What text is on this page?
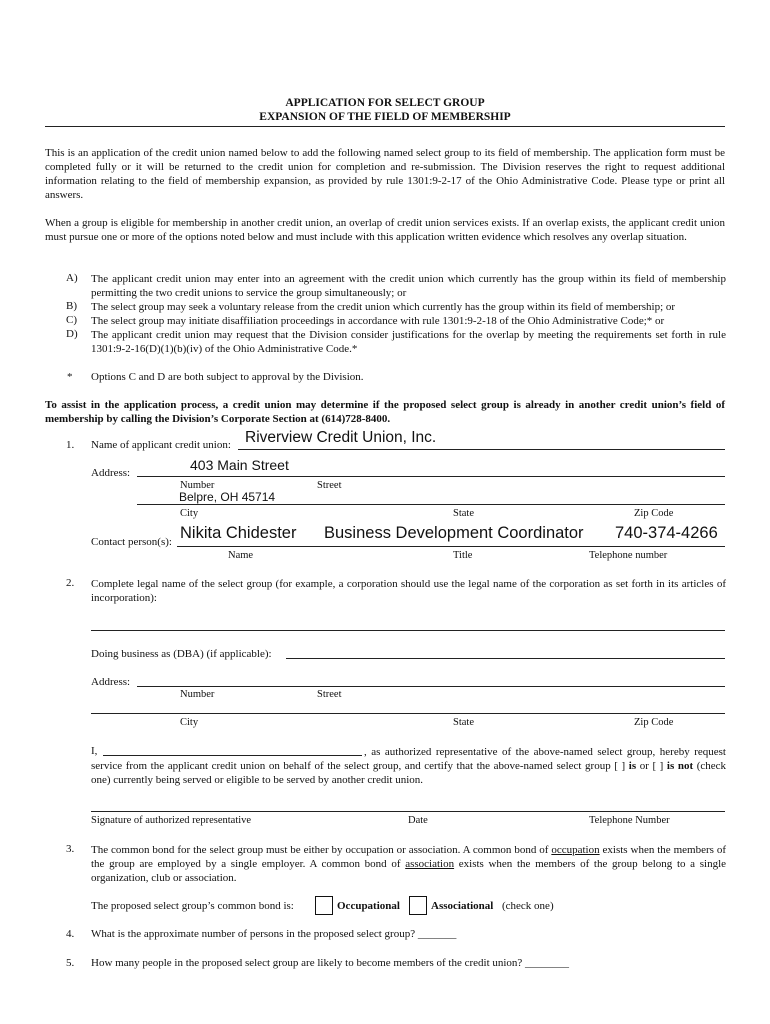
APPLICATION FOR SELECT GROUP
EXPANSION OF THE FIELD OF MEMBERSHIP
This is an application of the credit union named below to add the following named select group to its field of membership. The application form must be completed fully or it will be returned to the credit union for completion and re-submission. The Division reserves the right to request additional information relating to the field of membership expansion, as provided by rule 1301:9-2-17 of the Ohio Administrative Code. Please type or print all answers.
When a group is eligible for membership in another credit union, an overlap of credit union services exists. If an overlap exists, the applicant credit union must pursue one or more of the options noted below and must include with this application written evidence which resolves any overlap situation.
A)	The applicant credit union may enter into an agreement with the credit union which currently has the group within its field of membership permitting the two credit unions to service the group simultaneously; or
B)	The select group may seek a voluntary release from the credit union which currently has the group within its field of membership; or
C)	The select group may initiate disaffiliation proceedings in accordance with rule 1301:9-2-18 of the Ohio Administrative Code;* or
D)	The applicant credit union may request that the Division consider justifications for the overlap by meeting the requirements set forth in rule 1301:9-2-16(D)(1)(b)(iv) of the Ohio Administrative Code.*
* Options C and D are both subject to approval by the Division.
To assist in the application process, a credit union may determine if the proposed select group is already in another credit union’s field of membership by calling the Division’s Corporate Section at (614)728-8400.
1. Name of applicant credit union: Riverview Credit Union, Inc.
Address:	403 Main Street
Number	Street
Belpre, OH 45714
City	State	Zip Code
Contact person(s): Nikita Chidester Business Development Coordinator 740-374-4266
Name	Title	Telephone number
2. Complete legal name of the select group (for example, a corporation should use the legal name of the corporation as set forth in its articles of incorporation):
Doing business as (DBA) (if applicable):
Address:
Number	Street
City	State	Zip Code
I,	, as authorized representative of the above-named select group, hereby request service from the applicant credit union on behalf of the select group, and certify that the above-named select group [ ] is or [ ] is not (check one) currently being served or eligible to be served by another credit union.
Signature of authorized representative	Date	Telephone Number
3. The common bond for the select group must be either by occupation or association. A common bond of occupation exists when the members of the group are employed by a single employer. A common bond of association exists when the members of the group belong to a single organization, club or association.
The proposed select group’s common bond is:	Occupational	Associational (check one)
4. What is the approximate number of persons in the proposed select group? _______
5. How many people in the proposed select group are likely to become members of the credit union? ________
